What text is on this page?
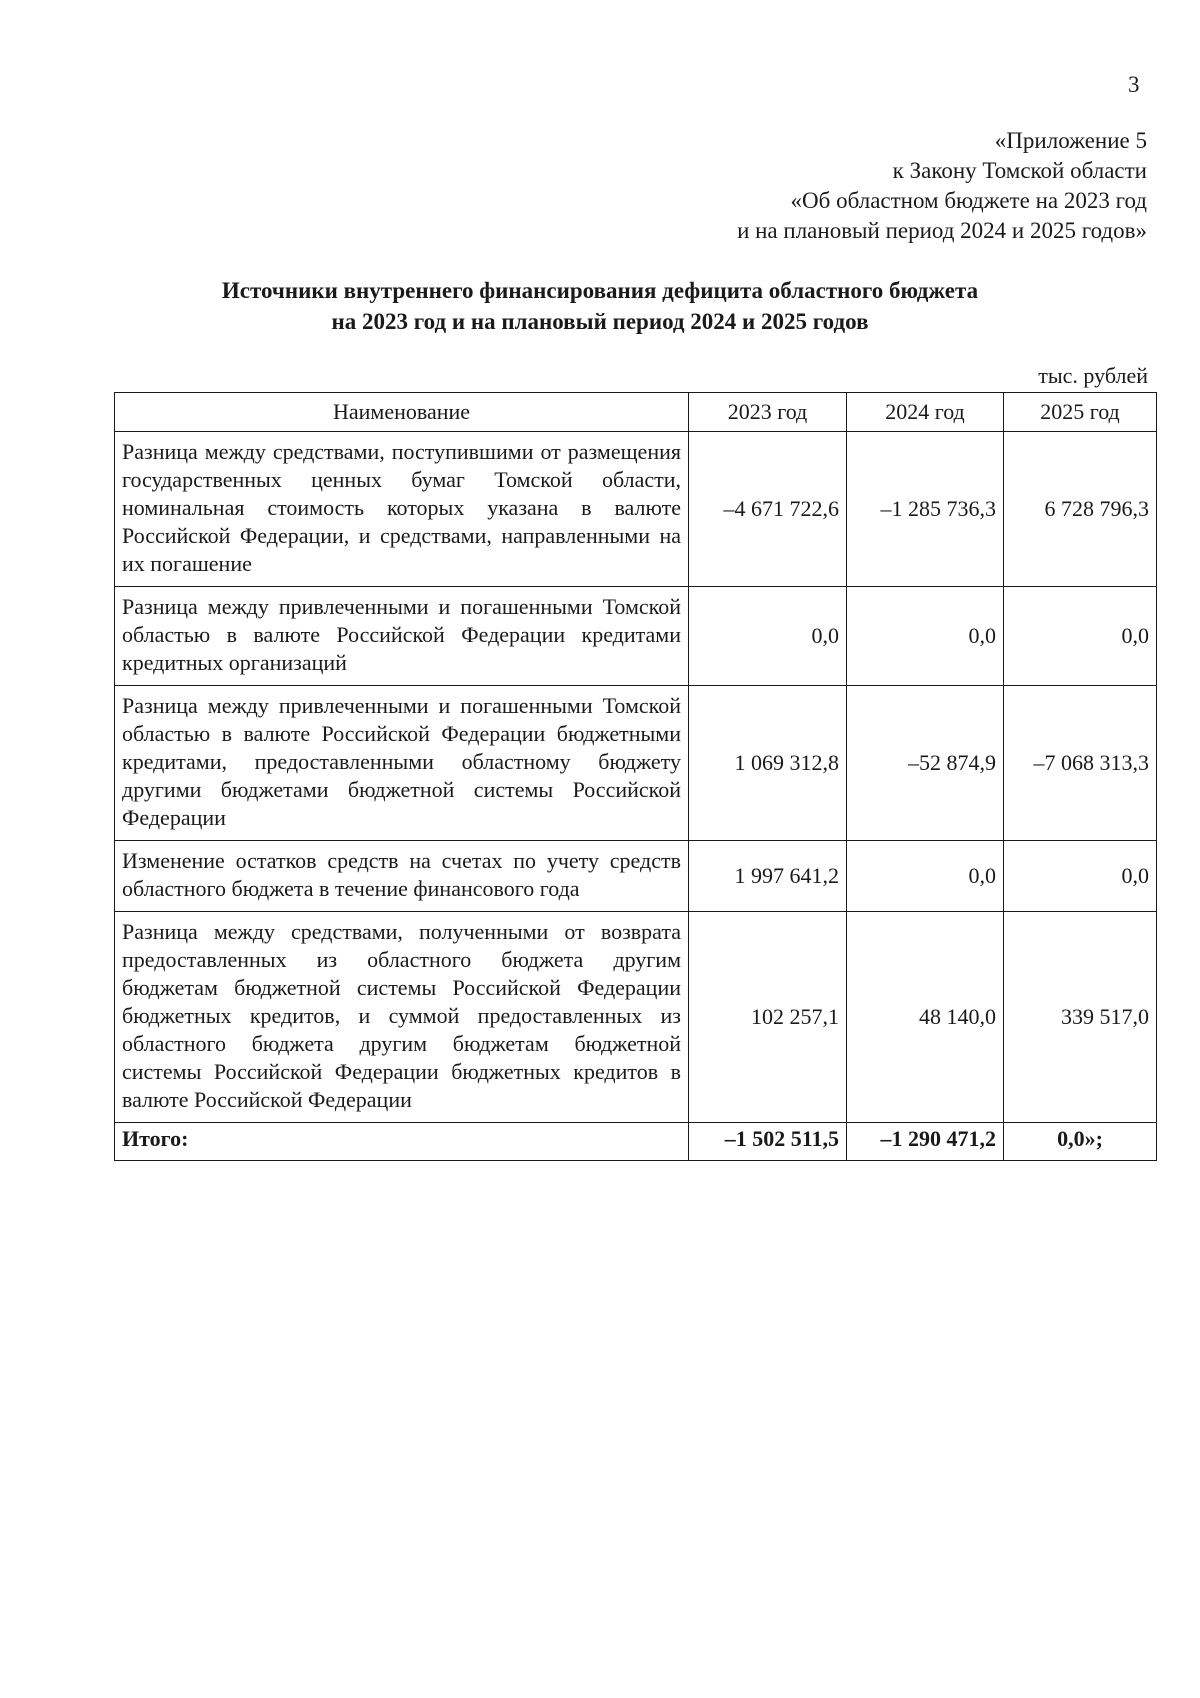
3
«Приложение 5
к Закону Томской области
«Об областном бюджете на 2023 год
и на плановый период 2024 и 2025 годов»
Источники внутреннего финансирования дефицита областного бюджета
на 2023 год и на плановый период 2024 и 2025 годов
тыс. рублей
Наименование	2023 год	2024 год	2025 год
Разница между средствами, поступившими от размещения государственных ценных бумаг Томской области, номинальная стоимость которых указана в валюте Российской Федерации, и средствами, направленными на их погашение	–4 671 722,6	–1 285 736,3	6 728 796,3
Разница между привлеченными и погашенными Томской областью в валюте Российской Федерации кредитами кредитных организаций	0,0	0,0	0,0
Разница между привлеченными и погашенными Томской областью в валюте Российской Федерации бюджетными кредитами, предоставленными областному бюджету другими бюджетами бюджетной системы Российской Федерации	1 069 312,8	–52 874,9	–7 068 313,3
Изменение остатков средств на счетах по учету средств областного бюджета в течение финансового года	1 997 641,2	0,0	0,0
Разница между средствами, полученными от возврата предоставленных из областного бюджета другим бюджетам бюджетной системы Российской Федерации бюджетных кредитов, и суммой предоставленных из областного бюджета другим бюджетам бюджетной системы Российской Федерации бюджетных кредитов в валюте Российской Федерации	102 257,1	48 140,0	339 517,0
Итого:	–1 502 511,5	–1 290 471,2	0,0»;
